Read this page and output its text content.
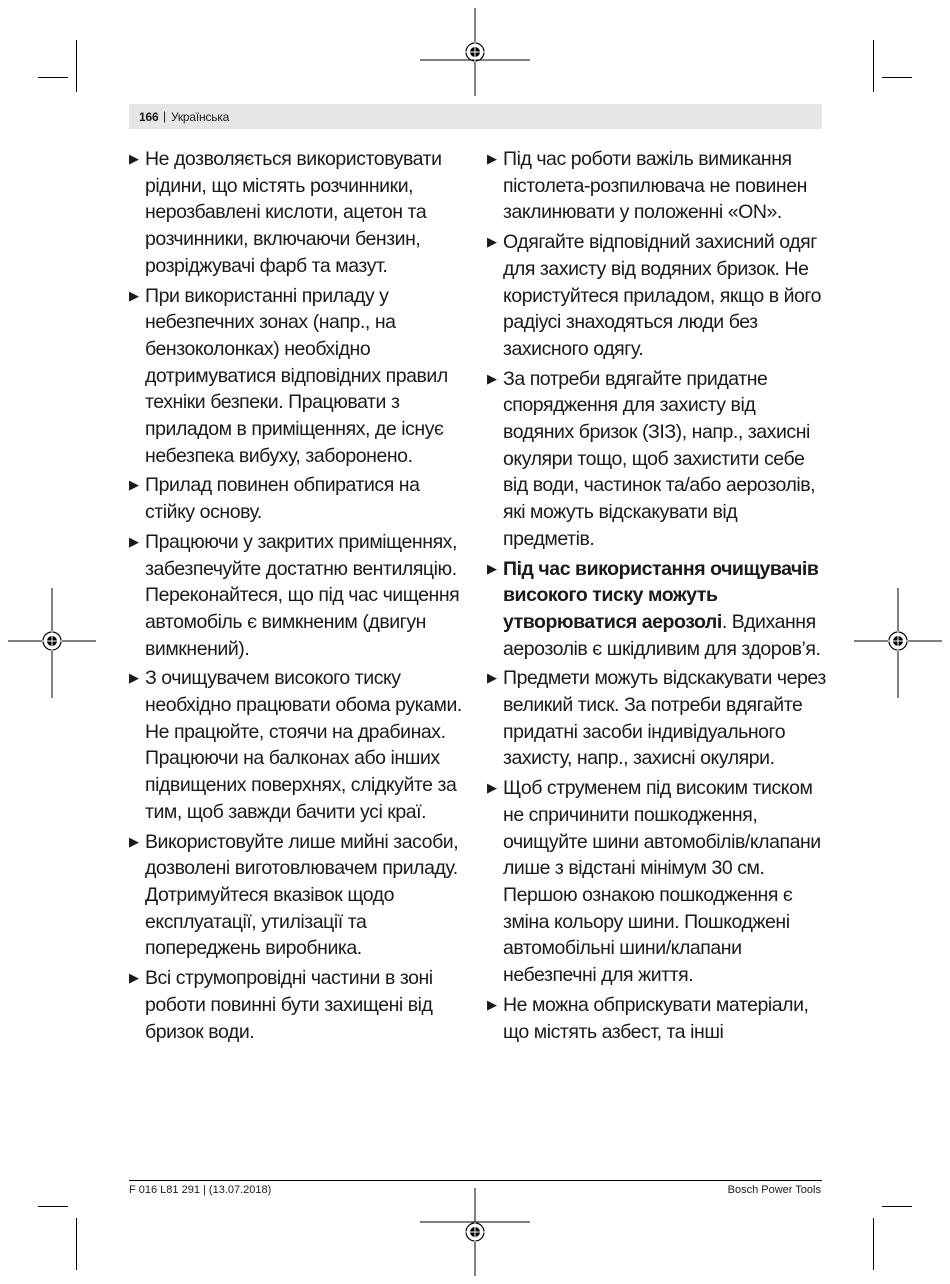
166 | Українська
▶ Не дозволяється використовувати рідини, що містять розчинники, нерозбавлені кислоти, ацетон та розчинники, включаючи бензин, розріджувачі фарб та мазут.
▶ При використанні приладу у небезпечних зонах (напр., на бензоколонках) необхідно дотримуватися відповідних правил техніки безпеки. Працювати з приладом в приміщеннях, де існує небезпека вибуху, заборонено.
▶ Прилад повинен обпиратися на стійку основу.
▶ Працюючи у закритих приміщеннях, забезпечуйте достатню вентиляцію. Переконайтеся, що під час чищення автомобіль є вимкненим (двигун вимкнений).
▶ З очищувачем високого тиску необхідно працювати обома руками. Не працюйте, стоячи на драбинах. Працюючи на балконах або інших підвищених поверхнях, слідкуйте за тим, щоб завжди бачити усі краї.
▶ Використовуйте лише мийні засоби, дозволені виготовлювачем приладу. Дотримуйтеся вказівок щодо експлуатації, утилізації та попереджень виробника.
▶ Всі струмопровідні частини в зоні роботи повинні бути захищені від бризок води.
▶ Під час роботи важіль вимикання пістолета-розпилювача не повинен заклинювати у положенні «ON».
▶ Одягайте відповідний захисний одяг для захисту від водяних бризок. Не користуйтеся приладом, якщо в його радіусі знаходяться люди без захисного одягу.
▶ За потреби вдягайте придатне спорядження для захисту від водяних бризок (ЗІЗ), напр., захисні окуляри тощо, щоб захистити себе від води, частинок та/або аерозолів, які можуть відскакувати від предметів.
▶ Під час використання очищувачів високого тиску можуть утворюватися аерозолі. Вдихання аерозолів є шкідливим для здоров’я.
▶ Предмети можуть відскакувати через великий тиск. За потреби вдягайте придатні засоби індивідуального захисту, напр., захисні окуляри.
▶ Щоб струменем під високим тиском не спричинити пошкодження, очищуйте шини автомобілів/клапани лише з відстані мінімум 30 см. Першою ознакою пошкодження є зміна кольору шини. Пошкоджені автомобільні шини/клапани небезпечні для життя.
▶ Не можна обприскувати матеріали, що містять азбест, та інші
F 016 L81 291 | (13.07.2018)	Bosch Power Tools
